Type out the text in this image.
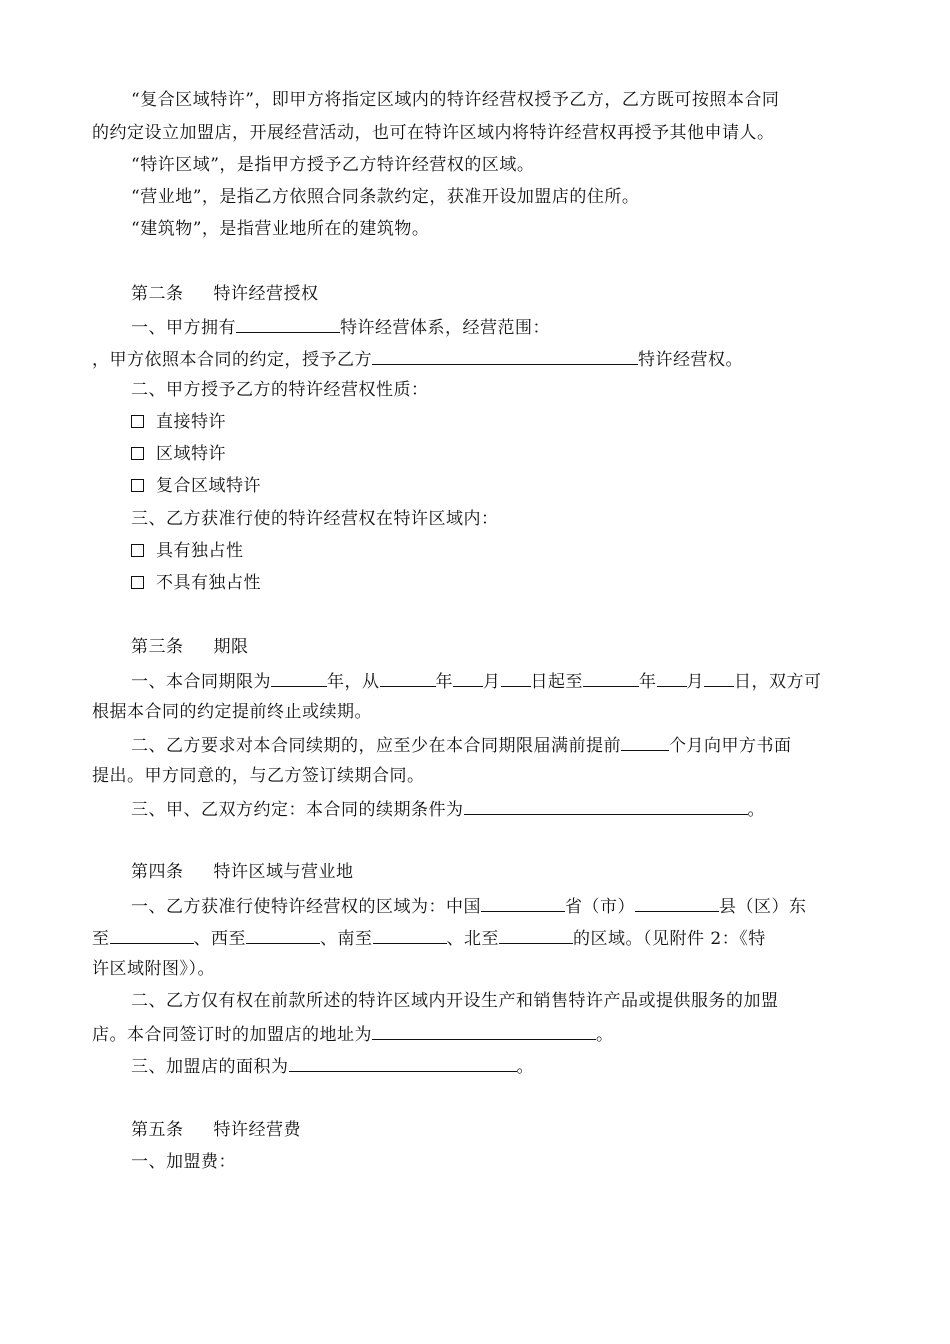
“复合区域特许”，即甲方将指定区域内的特许经营权授予乙方，乙方既可按照本合同
的约定设立加盟店，开展经营活动，也可在特许区域内将特许经营权再授予其他申请人。
“特许区域”，是指甲方授予乙方特许经营权的区域。
“营业地”，是指乙方依照合同条款约定，获准开设加盟店的住所。
“建筑物”，是指营业地所在的建筑物。
第二条 特许经营授权
一、甲方拥有	特许经营体系，经营范围：
，甲方依照本合同的约定，授予乙方	特许经营权。
二、甲方授予乙方的特许经营权性质：
直接特许
区域特许
复合区域特许
三、乙方获准行使的特许经营权在特许区域内：
具有独占性
不具有独占性
第三条 期限
一、本合同期限为	年，从	年 月 日起至	年 月 日，双方可
根据本合同的约定提前终止或续期。
二、乙方要求对本合同续期的，应至少在本合同期限届满前提前	个月向甲方书面
提出。甲方同意的，与乙方签订续期合同。
三、甲、乙双方约定：本合同的续期条件为	。
第四条 特许区域与营业地
一、乙方获准行使特许经营权的区域为：中国	省（市）	县（区）东
至	、西至	、南至	、北至	的区域。（见附件 2：《特
许区域附图》）。
二、乙方仅有权在前款所述的特许区域内开设生产和销售特许产品或提供服务的加盟
店。本合同签订时的加盟店的地址为	。
三、加盟店的面积为	。
第五条 特许经营费
一、加盟费：
